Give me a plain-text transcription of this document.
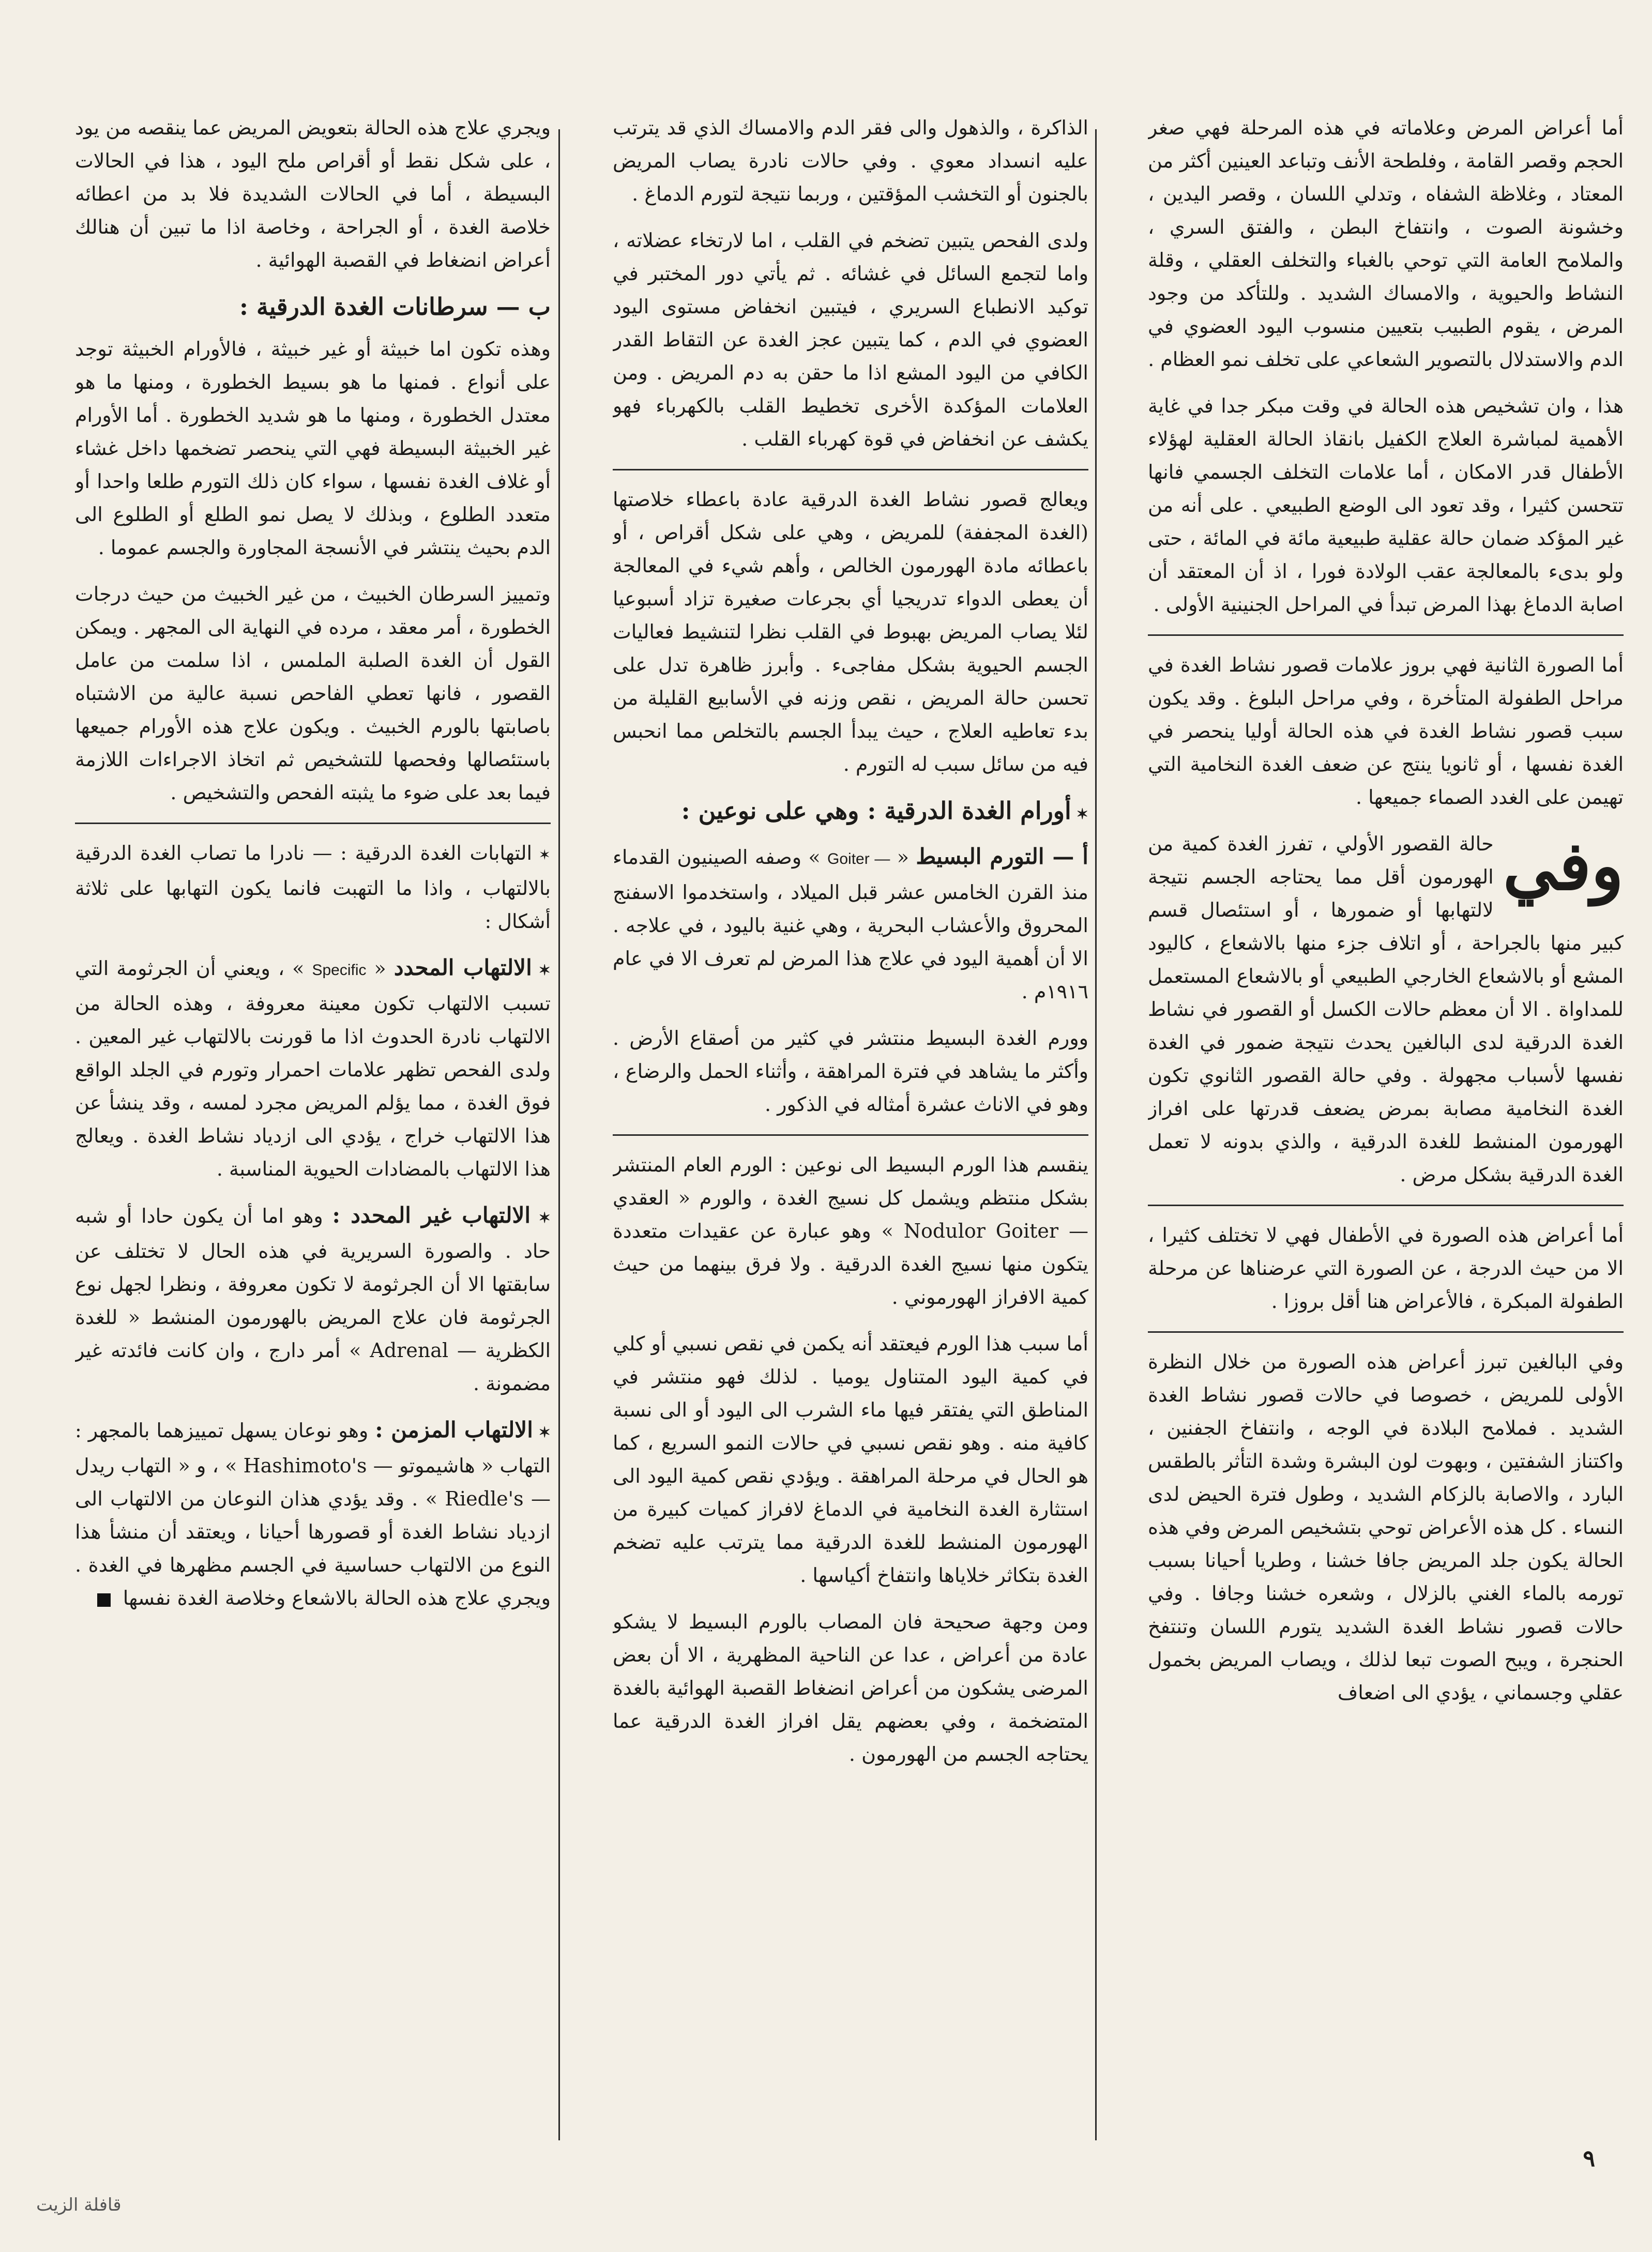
أما أعراض المرض وعلاماته في هذه المرحلة فهي صغر الحجم وقصر القامة ، وفلطحة الأنف وتباعد العينين أكثر من المعتاد ، وغلاظة الشفاه ، وتدلي اللسان ، وقصر اليدين ، وخشونة الصوت ، وانتفاخ البطن ، والفتق السري ، والملامح العامة التي توحي بالغباء والتخلف العقلي ، وقلة النشاط والحيوية ، والامساك الشديد . وللتأكد من وجود المرض ، يقوم الطبيب بتعيين منسوب اليود العضوي في الدم والاستدلال بالتصوير الشعاعي على تخلف نمو العظام .

هذا ، وان تشخيص هذه الحالة في وقت مبكر جدا في غاية الأهمية لمباشرة العلاج الكفيل بانقاذ الحالة العقلية لهؤلاء الأطفال قدر الامكان ، أما علامات التخلف الجسمي فانها تتحسن كثيرا ، وقد تعود الى الوضع الطبيعي . على أنه من غير المؤكد ضمان حالة عقلية طبيعية مائة في المائة ، حتى ولو بدىء بالمعالجة عقب الولادة فورا ، اذ أن المعتقد أن اصابة الدماغ بهذا المرض تبدأ في المراحل الجنينية الأولى .

أما الصورة الثانية فهي بروز علامات قصور نشاط الغدة في مراحل الطفولة المتأخرة ، وفي مراحل البلوغ . وقد يكون سبب قصور نشاط الغدة في هذه الحالة أوليا ينحصر في الغدة نفسها ، أو ثانويا ينتج عن ضعف الغدة النخامية التي تهيمن على الغدد الصماء جميعها .

وفي
حالة القصور الأولي ، تفرز الغدة كمية من الهورمون أقل مما يحتاجه الجسم نتيجة لالتهابها أو ضمورها ، أو استئصال قسم كبير منها بالجراحة ، أو اتلاف جزء منها بالاشعاع ، كاليود المشع أو بالاشعاع الخارجي الطبيعي أو بالاشعاع المستعمل للمداواة . الا أن معظم حالات الكسل أو القصور في نشاط الغدة الدرقية لدى البالغين يحدث نتيجة ضمور في الغدة نفسها لأسباب مجهولة . وفي حالة القصور الثانوي تكون الغدة النخامية مصابة بمرض يضعف قدرتها على افراز الهورمون المنشط للغدة الدرقية ، والذي بدونه لا تعمل الغدة الدرقية بشكل مرض .

أما أعراض هذه الصورة في الأطفال فهي لا تختلف كثيرا ، الا من حيث الدرجة ، عن الصورة التي عرضناها عن مرحلة الطفولة المبكرة ، فالأعراض هنا أقل بروزا .

وفي البالغين تبرز أعراض هذه الصورة من خلال النظرة الأولى للمريض ، خصوصا في حالات قصور نشاط الغدة الشديد . فملامح البلادة في الوجه ، وانتفاخ الجفنين ، واكتناز الشفتين ، وبهوت لون البشرة وشدة التأثر بالطقس البارد ، والاصابة بالزكام الشديد ، وطول فترة الحيض لدى النساء . كل هذه الأعراض توحي بتشخيص المرض وفي هذه الحالة يكون جلد المريض جافا خشنا ، وطريا أحيانا بسبب تورمه بالماء الغني بالزلال ، وشعره خشنا وجافا . وفي حالات قصور نشاط الغدة الشديد يتورم اللسان وتنتفخ الحنجرة ، ويبح الصوت تبعا لذلك ، ويصاب المريض بخمول عقلي وجسماني ، يؤدي الى اضعاف

الذاكرة ، والذهول والى فقر الدم والامساك الذي قد يترتب عليه انسداد معوي . وفي حالات نادرة يصاب المريض بالجنون أو التخشب المؤقتين ، وربما نتيجة لتورم الدماغ .

ولدى الفحص يتبين تضخم في القلب ، اما لارتخاء عضلاته ، واما لتجمع السائل في غشائه . ثم يأتي دور المختبر في توكيد الانطباع السريري ، فيتبين انخفاض مستوى اليود العضوي في الدم ، كما يتبين عجز الغدة عن التقاط القدر الكافي من اليود المشع اذا ما حقن به دم المريض . ومن العلامات المؤكدة الأخرى تخطيط القلب بالكهرباء فهو يكشف عن انخفاض في قوة كهرباء القلب .

ويعالج قصور نشاط الغدة الدرقية عادة باعطاء خلاصتها (الغدة المجففة) للمريض ، وهي على شكل أقراص ، أو باعطائه مادة الهورمون الخالص ، وأهم شيء في المعالجة أن يعطى الدواء تدريجيا أي بجرعات صغيرة تزاد أسبوعيا لئلا يصاب المريض بهبوط في القلب نظرا لتنشيط فعاليات الجسم الحيوية بشكل مفاجىء . وأبرز ظاهرة تدل على تحسن حالة المريض ، نقص وزنه في الأسابيع القليلة من بدء تعاطيه العلاج ، حيث يبدأ الجسم بالتخلص مما انحبس فيه من سائل سبب له التورم .

✶ أورام الغدة الدرقية : وهي على نوعين :

أ — التورم البسيط « Goiter — » وصفه الصينيون القدماء منذ القرن الخامس عشر قبل الميلاد ، واستخدموا الاسفنج المحروق والأعشاب البحرية ، وهي غنية باليود ، في علاجه . الا أن أهمية اليود في علاج هذا المرض لم تعرف الا في عام ١٩١٦م .

وورم الغدة البسيط منتشر في كثير من أصقاع الأرض . وأكثر ما يشاهد في فترة المراهقة ، وأثناء الحمل والرضاع ، وهو في الاناث عشرة أمثاله في الذكور .

ينقسم هذا الورم البسيط الى نوعين : الورم العام المنتشر بشكل منتظم ويشمل كل نسيج الغدة ، والورم « العقدي — Nodulor Goiter » وهو عبارة عن عقيدات متعددة يتكون منها نسيج الغدة الدرقية . ولا فرق بينهما من حيث كمية الافراز الهورموني .

أما سبب هذا الورم فيعتقد أنه يكمن في نقص نسبي أو كلي في كمية اليود المتناول يوميا . لذلك فهو منتشر في المناطق التي يفتقر فيها ماء الشرب الى اليود أو الى نسبة كافية منه . وهو نقص نسبي في حالات النمو السريع ، كما هو الحال في مرحلة المراهقة . ويؤدي نقص كمية اليود الى استثارة الغدة النخامية في الدماغ لافراز كميات كبيرة من الهورمون المنشط للغدة الدرقية مما يترتب عليه تضخم الغدة بتكاثر خلاياها وانتفاخ أكياسها .

ومن وجهة صحيحة فان المصاب بالورم البسيط لا يشكو عادة من أعراض ، عدا عن الناحية المظهرية ، الا أن بعض المرضى يشكون من أعراض انضغاط القصبة الهوائية بالغدة المتضخمة ، وفي بعضهم يقل افراز الغدة الدرقية عما يحتاجه الجسم من الهورمون .

ويجري علاج هذه الحالة بتعويض المريض عما ينقصه من يود ، على شكل نقط أو أقراص ملح اليود ، هذا في الحالات البسيطة ، أما في الحالات الشديدة فلا بد من اعطائه خلاصة الغدة ، أو الجراحة ، وخاصة اذا ما تبين أن هنالك أعراض انضغاط في القصبة الهوائية .

ب — سرطانات الغدة الدرقية :

وهذه تكون اما خبيثة أو غير خبيثة ، فالأورام الخبيثة توجد على أنواع . فمنها ما هو بسيط الخطورة ، ومنها ما هو معتدل الخطورة ، ومنها ما هو شديد الخطورة . أما الأورام غير الخبيثة البسيطة فهي التي ينحصر تضخمها داخل غشاء أو غلاف الغدة نفسها ، سواء كان ذلك التورم طلعا واحدا أو متعدد الطلوع ، وبذلك لا يصل نمو الطلع أو الطلوع الى الدم بحيث ينتشر في الأنسجة المجاورة والجسم عموما .

وتمييز السرطان الخبيث ، من غير الخبيث من حيث درجات الخطورة ، أمر معقد ، مرده في النهاية الى المجهر . ويمكن القول أن الغدة الصلبة الملمس ، اذا سلمت من عامل القصور ، فانها تعطي الفاحص نسبة عالية من الاشتباه باصابتها بالورم الخبيث . ويكون علاج هذه الأورام جميعها باستئصالها وفحصها للتشخيص ثم اتخاذ الاجراءات اللازمة فيما بعد على ضوء ما يثبته الفحص والتشخيص .

✶ التهابات الغدة الدرقية : — نادرا ما تصاب الغدة الدرقية بالالتهاب ، واذا ما التهبت فانما يكون التهابها على ثلاثة أشكال :

✶ الالتهاب المحدد « Specific » ، ويعني أن الجرثومة التي تسبب الالتهاب تكون معينة معروفة ، وهذه الحالة من الالتهاب نادرة الحدوث اذا ما قورنت بالالتهاب غير المعين . ولدى الفحص تظهر علامات احمرار وتورم في الجلد الواقع فوق الغدة ، مما يؤلم المريض مجرد لمسه ، وقد ينشأ عن هذا الالتهاب خراج ، يؤدي الى ازدياد نشاط الغدة . ويعالج هذا الالتهاب بالمضادات الحيوية المناسبة .

✶ الالتهاب غير المحدد : وهو اما أن يكون حادا أو شبه حاد . والصورة السريرية في هذه الحال لا تختلف عن سابقتها الا أن الجرثومة لا تكون معروفة ، ونظرا لجهل نوع الجرثومة فان علاج المريض بالهورمون المنشط « للغدة الكظرية — Adrenal » أمر دارج ، وان كانت فائدته غير مضمونة .

✶ الالتهاب المزمن : وهو نوعان يسهل تمييزهما بالمجهر : التهاب « هاشيموتو — Hashimoto's » ، و « التهاب ريدل — Riedle's » . وقد يؤدي هذان النوعان من الالتهاب الى ازدياد نشاط الغدة أو قصورها أحيانا ، ويعتقد أن منشأ هذا النوع من الالتهاب حساسية في الجسم مظهرها في الغدة . ويجري علاج هذه الحالة بالاشعاع وخلاصة الغدة نفسها

٩
قافلة الزيت
